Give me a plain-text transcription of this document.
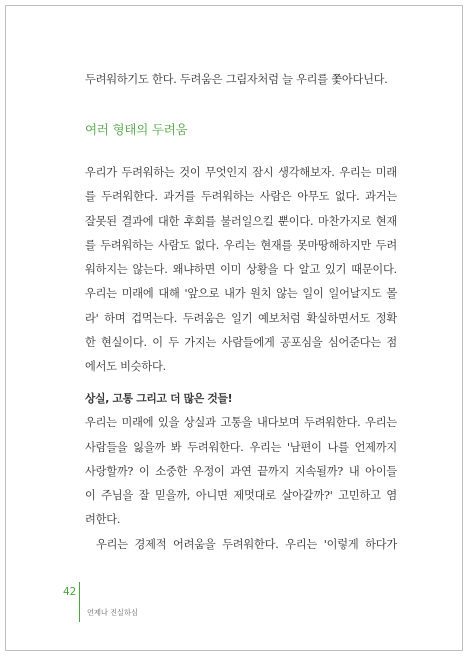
두려워하기도 한다. 두려움은 그림자처럼 늘 우리를 쫓아다닌다.
여러 형태의 두려움
우리가 두려워하는 것이 무엇인지 잠시 생각해보자. 우리는 미래
를 두려워한다. 과거를 두려워하는 사람은 아무도 없다. 과거는
잘못된 결과에 대한 후회를 불러일으킬 뿐이다. 마찬가지로 현재
를 두려워하는 사람도 없다. 우리는 현재를 못마땅해하지만 두려
워하지는 않는다. 왜냐하면 이미 상황을 다 알고 있기 때문이다.
우리는 미래에 대해 '앞으로 내가 원치 않는 일이 일어날지도 몰
라' 하며 겁먹는다. 두려움은 일기 예보처럼 확실하면서도 정확
한 현실이다. 이 두 가지는 사람들에게 공포심을 심어준다는 점
에서도 비슷하다.
상실, 고통 그리고 더 많은 것들!
우리는 미래에 있을 상실과 고통을 내다보며 두려워한다. 우리는
사람들을 잃을까 봐 두려워한다. 우리는 '남편이 나를 언제까지
사랑할까? 이 소중한 우정이 과연 끝까지 지속될까? 내 아이들
이 주님을 잘 믿을까, 아니면 제멋대로 살아갈까?' 고민하고 염
려한다.
우리는 경제적 어려움을 두려워한다. 우리는 '이렇게 하다가
42
언제나 진실하심
